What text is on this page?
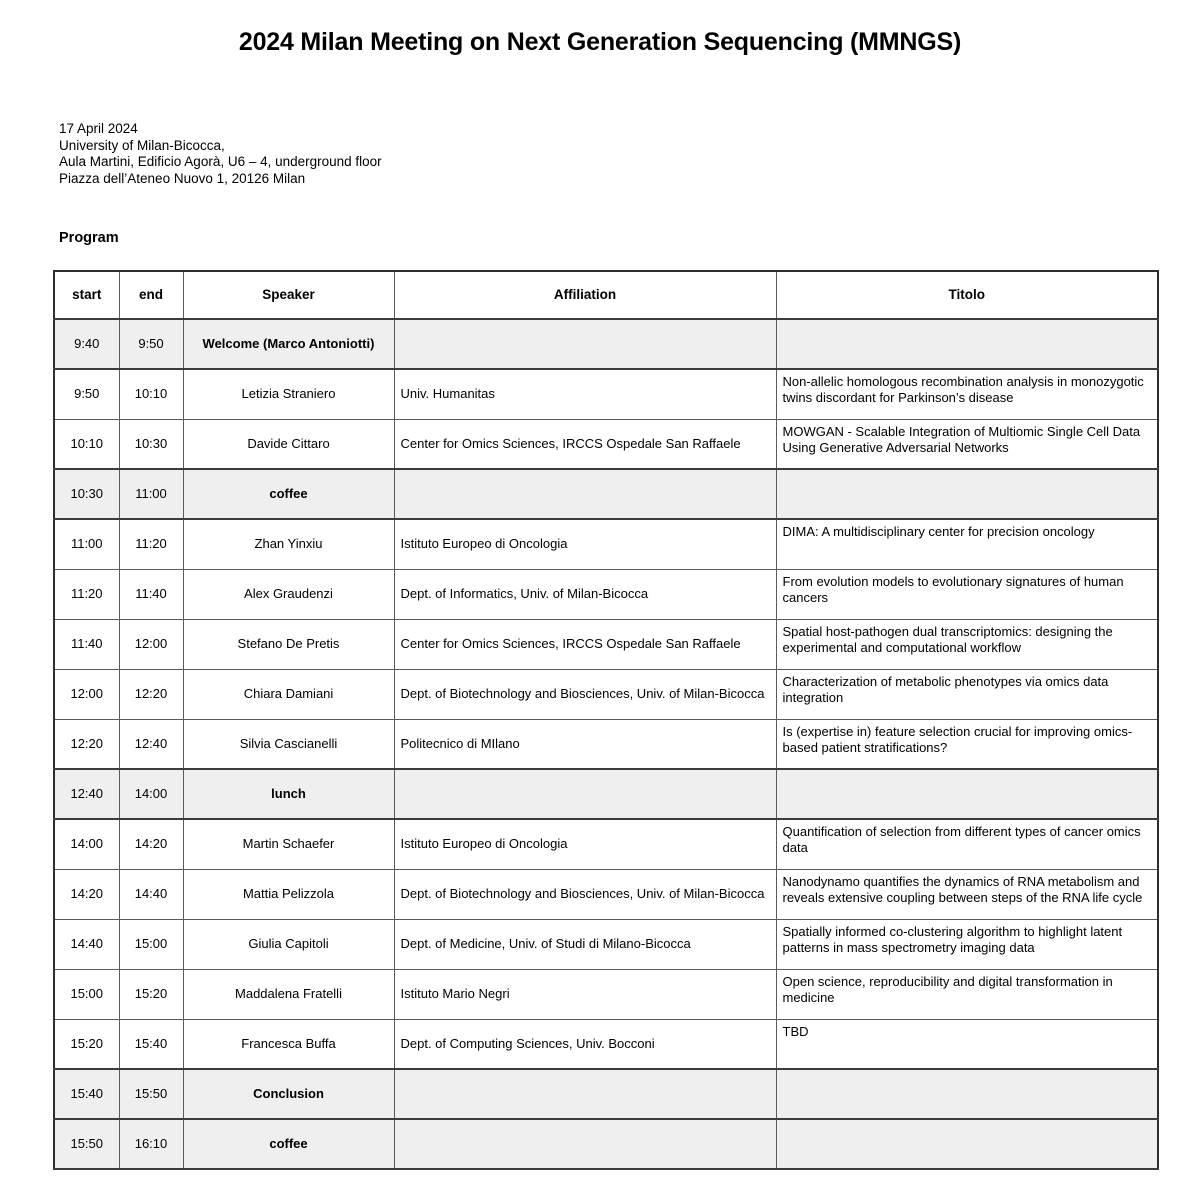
2024 Milan Meeting on Next Generation Sequencing (MMNGS)
17 April 2024
University of Milan-Bicocca,
Aula Martini, Edificio Agorà, U6 – 4, underground floor
Piazza dell’Ateneo Nuovo 1, 20126 Milan
Program
start	end	Speaker	Affiliation	Titolo
9:40	9:50	Welcome (Marco Antoniotti)		
9:50	10:10	Letizia Straniero	Univ. Humanitas	Non-allelic homologous recombination analysis in monozygotic twins discordant for Parkinson’s disease
10:10	10:30	Davide Cittaro	Center for Omics Sciences, IRCCS Ospedale San Raffaele	MOWGAN - Scalable Integration of Multiomic Single Cell Data Using Generative Adversarial Networks
10:30	11:00	coffee		
11:00	11:20	Zhan Yinxiu	Istituto Europeo di Oncologia	DIMA: A multidisciplinary center for precision oncology
11:20	11:40	Alex Graudenzi	Dept. of Informatics, Univ. of Milan-Bicocca	From evolution models to evolutionary signatures of human cancers
11:40	12:00	Stefano De Pretis	Center for Omics Sciences, IRCCS Ospedale San Raffaele	Spatial host-pathogen dual transcriptomics: designing the experimental and computational workflow
12:00	12:20	Chiara Damiani	Dept. of Biotechnology and Biosciences, Univ. of Milan-Bicocca	Characterization of metabolic phenotypes via omics data integration
12:20	12:40	Silvia Cascianelli	Politecnico di MIlano	Is (expertise in) feature selection crucial for improving omics-based patient stratifications?
12:40	14:00	lunch		
14:00	14:20	Martin Schaefer	Istituto Europeo di Oncologia	Quantification of selection from different types of cancer omics data
14:20	14:40	Mattia Pelizzola	Dept. of Biotechnology and Biosciences, Univ. of Milan-Bicocca	Nanodynamo quantifies the dynamics of RNA metabolism and reveals extensive coupling between steps of the RNA life cycle
14:40	15:00	Giulia Capitoli	Dept. of Medicine, Univ. of Studi di Milano-Bicocca	Spatially informed co-clustering algorithm to highlight latent patterns in mass spectrometry imaging data
15:00	15:20	Maddalena Fratelli	Istituto Mario Negri	Open science, reproducibility and digital transformation in medicine
15:20	15:40	Francesca Buffa	Dept. of Computing Sciences, Univ. Bocconi	TBD
15:40	15:50	Conclusion		
15:50	16:10	coffee		
